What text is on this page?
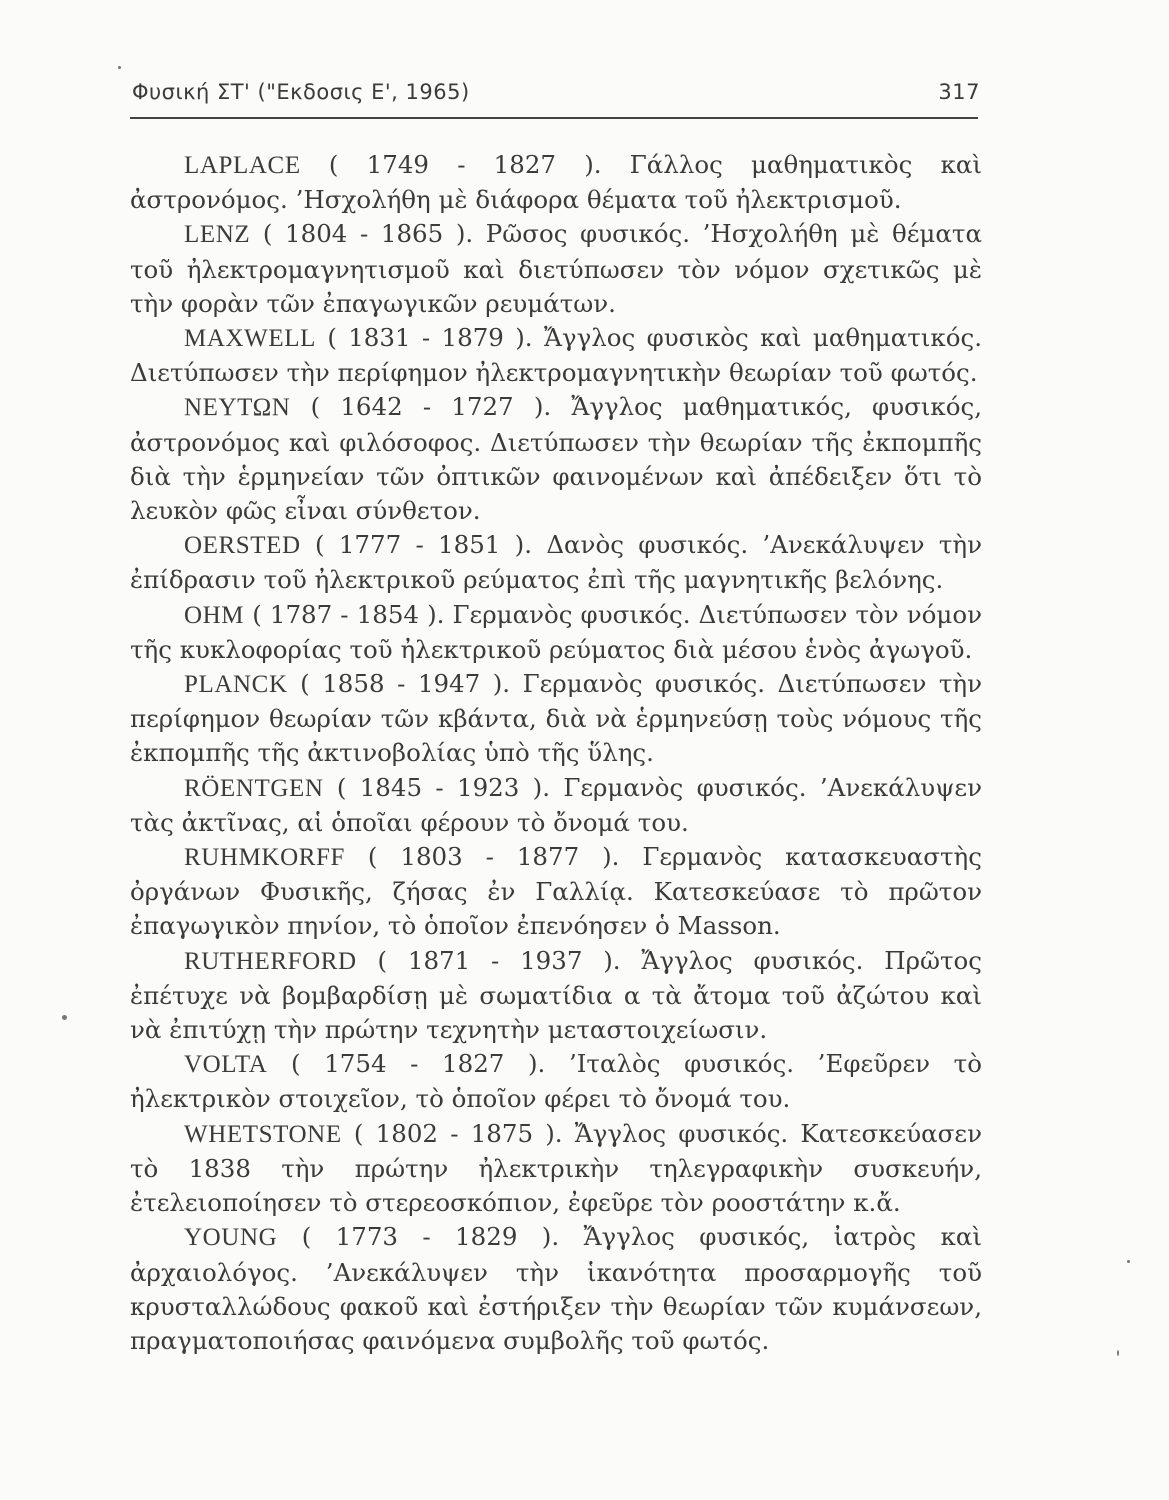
Φυσική ΣΤ' ("Εκδοσις Ε', 1965)	317

LAPLACE ( 1749 - 1827 ). Γάλλος μαθηματικὸς καὶ ἀστρονόμος. ’Ησχολήθη μὲ διάφορα θέματα τοῦ ἠλεκτρισμοῦ.

LENZ ( 1804 - 1865 ). Ρῶσος φυσικός. ’Ησχολήθη μὲ θέματα τοῦ ἠλεκτρομαγνητισμοῦ καὶ διετύπωσεν τὸν νόμον σχετικῶς μὲ τὴν φορὰν τῶν ἐπαγωγικῶν ρευμάτων.

MAXWELL ( 1831 - 1879 ). Ἄγγλος φυσικὸς καὶ μαθηματικός. Διετύπωσεν τὴν περίφημον ἠλεκτρομαγνητικὴν θεωρίαν τοῦ φωτός.

ΝΕΥΤΩΝ ( 1642 - 1727 ). Ἄγγλος μαθηματικός, φυσικός, ἀστρονόμος καὶ φιλόσοφος. Διετύπωσεν τὴν θεωρίαν τῆς ἐκπομπῆς διὰ τὴν ἑρμηνείαν τῶν ὀπτικῶν φαινομένων καὶ ἀπέδειξεν ὅτι τὸ λευκὸν φῶς εἶναι σύνθετον.

OERSTED ( 1777 - 1851 ). Δανὸς φυσικός. ’Ανεκάλυψεν τὴν ἐπίδρασιν τοῦ ἠλεκτρικοῦ ρεύματος ἐπὶ τῆς μαγνητικῆς βελόνης.

OHM ( 1787 - 1854 ). Γερμανὸς φυσικός. Διετύπωσεν τὸν νόμον τῆς κυκλοφορίας τοῦ ἠλεκτρικοῦ ρεύματος διὰ μέσου ἑνὸς ἀγωγοῦ.

PLANCK ( 1858 - 1947 ). Γερμανὸς φυσικός. Διετύπωσεν τὴν περίφημον θεωρίαν τῶν κβάντα, διὰ νὰ ἑρμηνεύσῃ τοὺς νόμους τῆς ἐκπομπῆς τῆς ἀκτινοβολίας ὑπὸ τῆς ὕλης.

RÖENTGEN ( 1845 - 1923 ). Γερμανὸς φυσικός. ’Ανεκάλυψεν τὰς ἀκτῖνας, αἱ ὁποῖαι φέρουν τὸ ὄνομά του.

RUHMKORFF ( 1803 - 1877 ). Γερμανὸς κατασκευαστὴς ὀργάνων Φυσικῆς, ζήσας ἐν Γαλλίᾳ. Κατεσκεύασε τὸ πρῶτον ἐπαγωγικὸν πηνίον, τὸ ὁποῖον ἐπενόησεν ὁ Masson.

RUTHERFORD ( 1871 - 1937 ). Ἄγγλος φυσικός. Πρῶτος ἐπέτυχε νὰ βομβαρδίσῃ μὲ σωματίδια α τὰ ἄτομα τοῦ ἀζώτου καὶ νὰ ἐπιτύχῃ τὴν πρώτην τεχνητὴν μεταστοιχείωσιν.

VOLTA ( 1754 - 1827 ). ’Ιταλὸς φυσικός. ’Εφεῦρεν τὸ ἠλεκτρικὸν στοιχεῖον, τὸ ὁποῖον φέρει τὸ ὄνομά του.

WHETSTONE ( 1802 - 1875 ). Ἄγγλος φυσικός. Κατεσκεύασεν τὸ 1838 τὴν πρώτην ἠλεκτρικὴν τηλεγραφικὴν συσκευήν, ἐτελειοποίησεν τὸ στερεοσκόπιον, ἐφεῦρε τὸν ροοστάτην κ.ἄ.

YOUNG ( 1773 - 1829 ). Ἄγγλος φυσικός, ἰατρὸς καὶ ἀρχαιολόγος. ’Ανεκάλυψεν τὴν ἱκανότητα προσαρμογῆς τοῦ κρυσταλλώδους φακοῦ καὶ ἐστήριξεν τὴν θεωρίαν τῶν κυμάνσεων, πραγματοποιήσας φαινόμενα συμβολῆς τοῦ φωτός.
